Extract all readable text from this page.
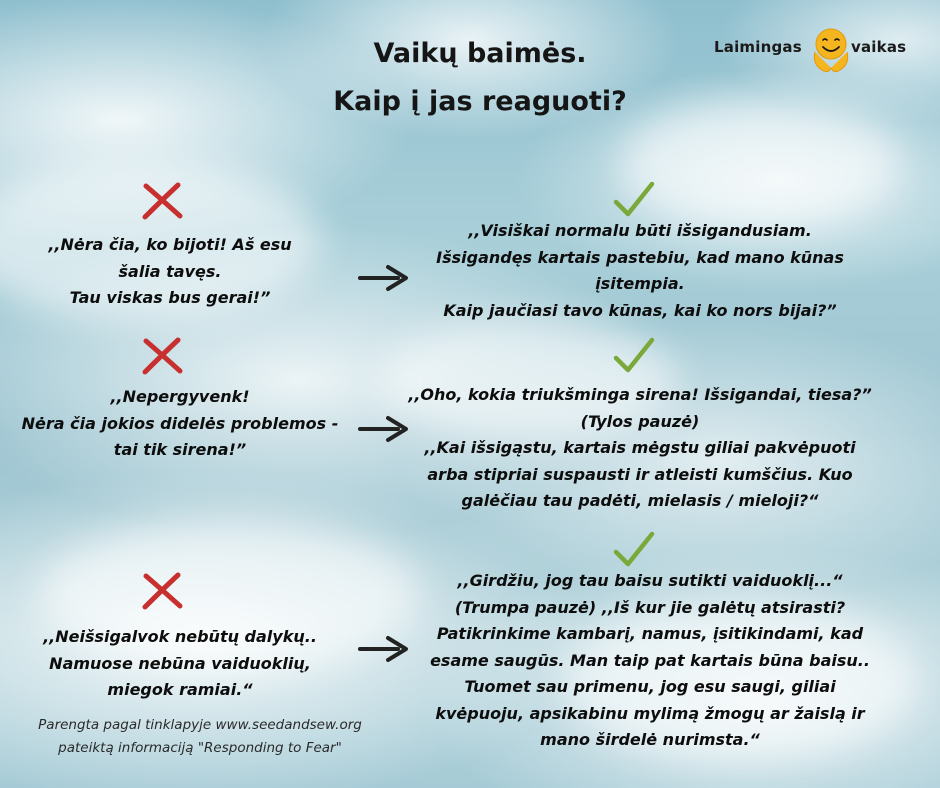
Vaikų baimės.
Kaip į jas reaguoti?
Laimingas	vaikas
,,Nėra čia, ko bijoti! Aš esu
šalia tavęs.
Tau viskas bus gerai!”
,,Visiškai normalu būti išsigandusiam.
Išsigandęs kartais pastebiu, kad mano kūnas
įsitempia.
Kaip jaučiasi tavo kūnas, kai ko nors bijai?”
,,Nepergyvenk!
Nėra čia jokios didelės problemos -
tai tik sirena!”
,,Oho, kokia triukšminga sirena! Išsigandai, tiesa?”
(Tylos pauzė)
,,Kai išsigąstu, kartais mėgstu giliai pakvėpuoti
arba stipriai suspausti ir atleisti kumščius. Kuo
galėčiau tau padėti, mielasis / mieloji?“
,,Neišsigalvok nebūtų dalykų..
Namuose nebūna vaiduoklių,
miegok ramiai.“
,,Girdžiu, jog tau baisu sutikti vaiduoklį...“
(Trumpa pauzė) ,,Iš kur jie galėtų atsirasti?
Patikrinkime kambarį, namus, įsitikindami, kad
esame saugūs. Man taip pat kartais būna baisu..
Tuomet sau primenu, jog esu saugi, giliai
kvėpuoju, apsikabinu mylimą žmogų ar žaislą ir
mano širdelė nurimsta.“
Parengta pagal tinklapyje www.seedandsew.org
pateiktą informaciją "Responding to Fear"
